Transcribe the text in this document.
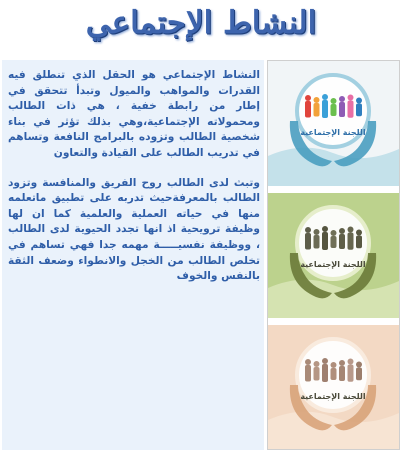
النشاط الإجتماعي

النشاط الإجتماعي هو الحقل الذي تنطلق فيه القدرات والمواهب والميول وتبدأ تتحقق في إطار من رابطة خفية ، هي ذات الطالب ومحمولاته الإجتماعية،وهي بذلك تؤثر في بناء شخصية الطالب وتزوده بالبرامج النافعة وتساهم في تدريب الطالب على القيادة والتعاون

وتبث لدى الطالب روح الفريق والمنافسة وتزود الطالب بالمعرفةحيث تدربه على تطبيق ماتعلمه منها في حياته العملية والعلمية كما ان لها وظيفة ترويحية اذ انها تجدد الحيوية لدى الطالب ، ووظيفة نفسيـــــة مهمه جدا فهي تساهم في تخلص الطالب من الخجل والانطواء وضعف الثقة بالنفس والخوف

اللجنة الإجتماعية
اللجنة الإجتماعية
اللجنة الإجتماعية
